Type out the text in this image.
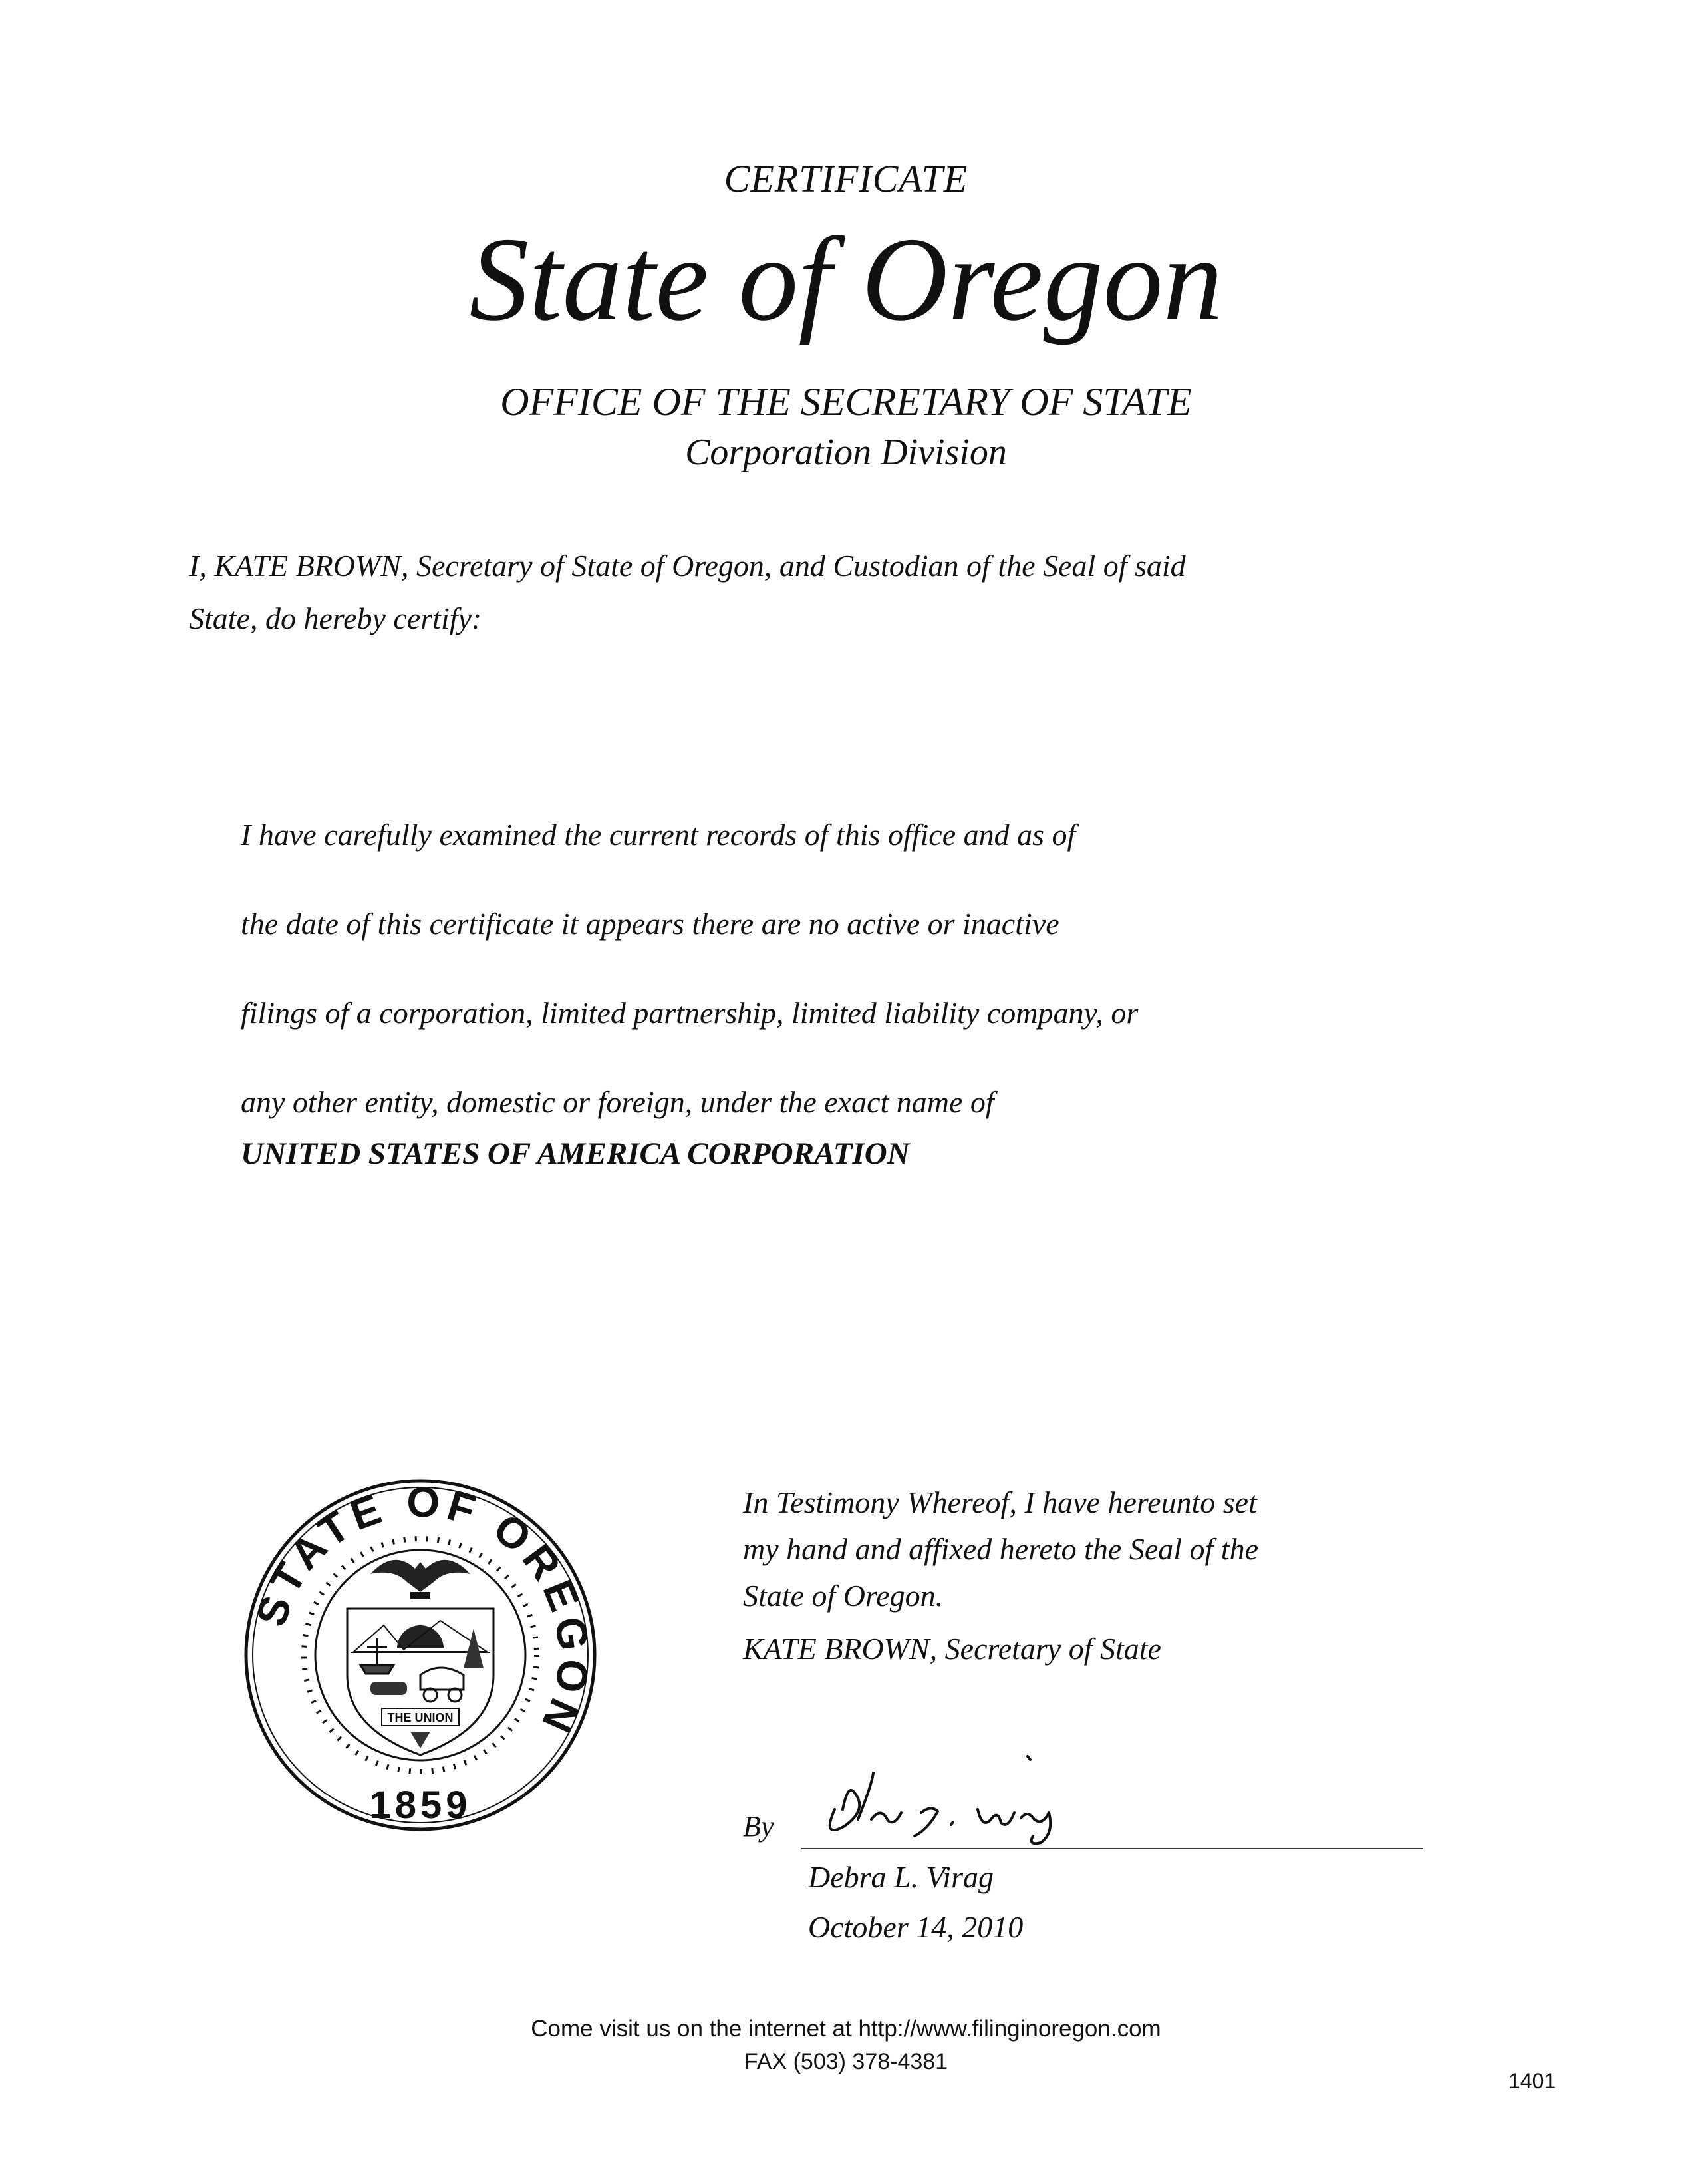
CERTIFICATE

State of Oregon

OFFICE OF THE SECRETARY OF STATE

Corporation Division

I, KATE BROWN, Secretary of State of Oregon, and Custodian of the Seal of said

State, do hereby certify:

I have carefully examined the current records of this office and as of

the date of this certificate it appears there are no active or inactive

filings of a corporation, limited partnership, limited liability company, or

any other entity, domestic or foreign, under the exact name of

UNITED STATES OF AMERICA CORPORATION

STATE OF OREGON
1859
THE UNION

In Testimony Whereof, I have hereunto set

my hand and affixed hereto the Seal of the

State of Oregon.

KATE BROWN, Secretary of State

By

Debra L. Virag

October 14, 2010

Come visit us on the internet at http://www.filinginoregon.com

FAX (503) 378-4381

1401
